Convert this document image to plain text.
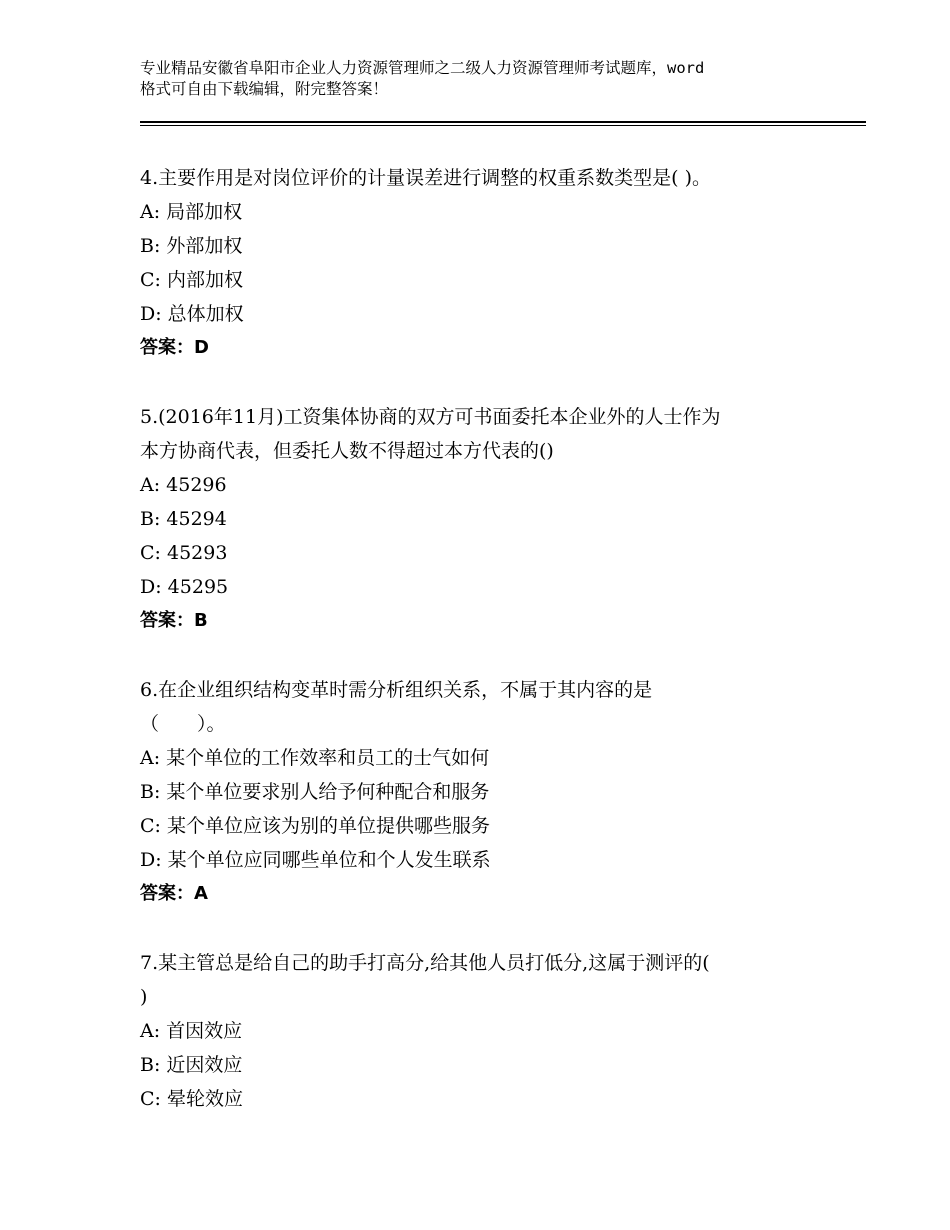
专业精品安徽省阜阳市企业人力资源管理师之二级人力资源管理师考试题库，word
格式可自由下载编辑，附完整答案！
4.主要作用是对岗位评价的计量误差进行调整的权重系数类型是( )。
A: 局部加权
B: 外部加权
C: 内部加权
D: 总体加权
答案：D
5.(2016年11月)工资集体协商的双方可书面委托本企业外的人士作为
本方协商代表，但委托人数不得超过本方代表的()
A: 45296
B: 45294
C: 45293
D: 45295
答案：B
6.在企业组织结构变革时需分析组织关系，不属于其内容的是
（　　）。
A: 某个单位的工作效率和员工的士气如何
B: 某个单位要求别人给予何种配合和服务
C: 某个单位应该为别的单位提供哪些服务
D: 某个单位应同哪些单位和个人发生联系
答案：A
7.某主管总是给自己的助手打高分,给其他人员打低分,这属于测评的(
)
A: 首因效应
B: 近因效应
C: 晕轮效应
